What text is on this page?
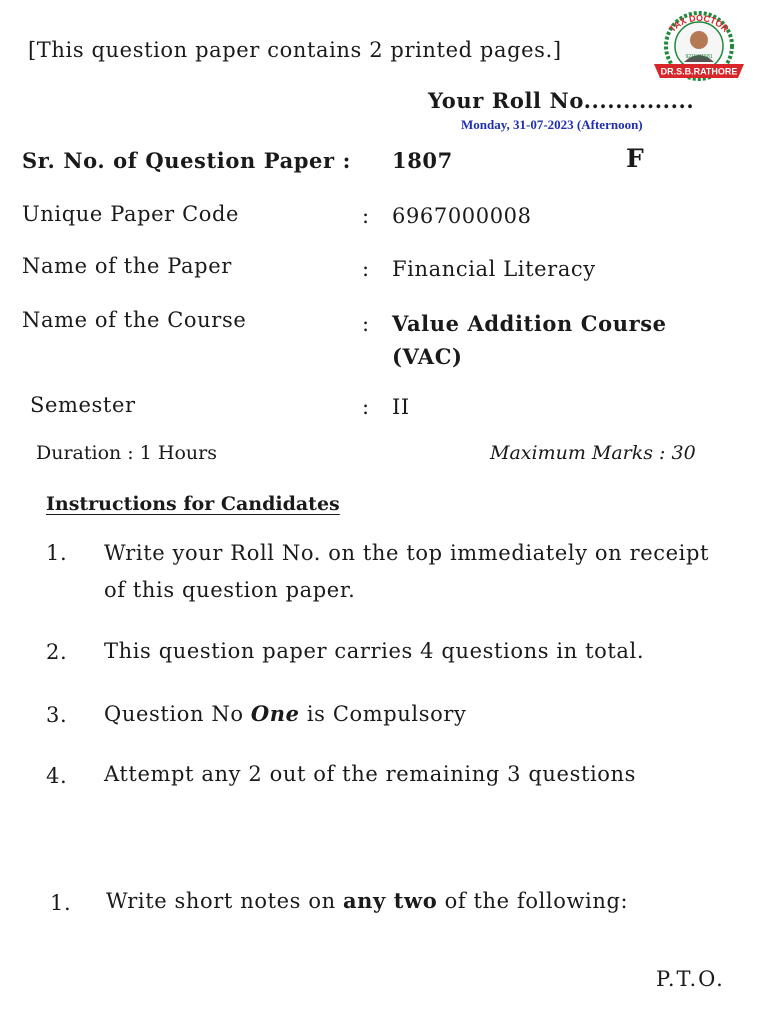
[This question paper contains 2 printed pages.]
Your Roll No..............
Monday, 31-07-2023 (Afternoon)
TAX DOCTOR
9211311581
DR.S.B.RATHORE
Sr. No. of Question Paper : 1807	F
Unique Paper Code	: 6967000008
Name of the Paper	: Financial Literacy
Name of the Course	: Value Addition Course
(VAC)
Semester	: II
Duration : 1 Hours	Maximum Marks : 30
Instructions for Candidates
1. Write your Roll No. on the top immediately on receipt
of this question paper.
2. This question paper carries 4 questions in total.
3. Question No One is Compulsory
4. Attempt any 2 out of the remaining 3 questions
1. Write short notes on any two of the following:
P.T.O.
